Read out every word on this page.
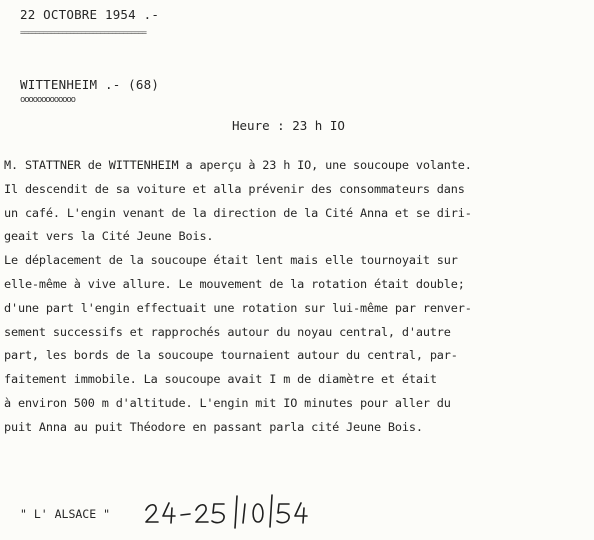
22 OCTOBRE 1954 .-
=================================
WITTENHEIM .- (68)
ooooooooooooo
Heure : 23 h IO
M. STATTNER de WITTENHEIM a aperçu à 23 h IO, une soucoupe volante.
Il descendit de sa voiture et alla prévenir des consommateurs dans
un café. L'engin venant de la direction de la Cité Anna et se diri-
geait vers la Cité Jeune Bois.
Le déplacement de la soucoupe était lent mais elle tournoyait sur
elle-même à vive allure. Le mouvement de la rotation était double;
d'une part l'engin effectuait une rotation sur lui-même par renver-
sement successifs et rapprochés autour du noyau central, d'autre
part, les bords de la soucoupe tournaient autour du central, par-
faitement immobile. La soucoupe avait I m de diamètre et était
à environ 500 m d'altitude. L'engin mit IO minutes pour aller du
puit Anna au puit Théodore en passant parla cité Jeune Bois.
" L' ALSACE "
